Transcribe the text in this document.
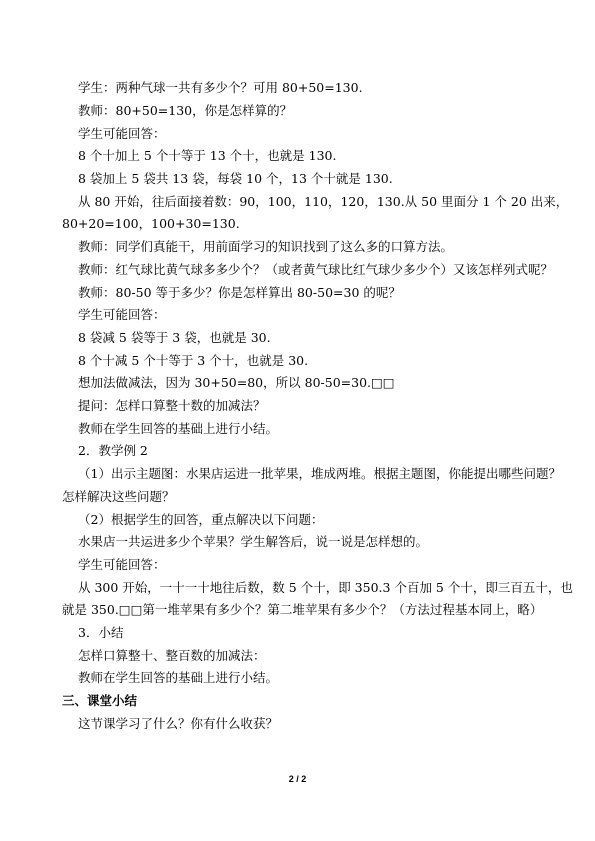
学生：两种气球一共有多少个？可用 80+50=130.
教师：80+50=130，你是怎样算的？
学生可能回答：
8 个十加上 5 个十等于 13 个十，也就是 130.
8 袋加上 5 袋共 13 袋，每袋 10 个，13 个十就是 130.
从 80 开始，往后面接着数：90，100，110，120，130.从 50 里面分 1 个 20 出来，
80+20=100，100+30=130.
教师：同学们真能干，用前面学习的知识找到了这么多的口算方法。
教师：红气球比黄气球多多少个？（或者黄气球比红气球少多少个）又该怎样列式呢？
教师：80-50 等于多少？你是怎样算出 80-50=30 的呢？
学生可能回答：
8 袋减 5 袋等于 3 袋，也就是 30.
8 个十减 5 个十等于 3 个十，也就是 30.
想加法做减法，因为 30+50=80，所以 80-50=30.□□
提问：怎样口算整十数的加减法？
教师在学生回答的基础上进行小结。
2．教学例 2
（1）出示主题图：水果店运进一批苹果，堆成两堆。根据主题图，你能提出哪些问题？
怎样解决这些问题？
（2）根据学生的回答，重点解决以下问题：
水果店一共运进多少个苹果？学生解答后，说一说是怎样想的。
学生可能回答：
从 300 开始，一十一十地往后数，数 5 个十，即 350.3 个百加 5 个十，即三百五十，也
就是 350.□□第一堆苹果有多少个？第二堆苹果有多少个？（方法过程基本同上，略）
3．小结
怎样口算整十、整百数的加减法：
教师在学生回答的基础上进行小结。
三、课堂小结
这节课学习了什么？你有什么收获？
2 / 2
